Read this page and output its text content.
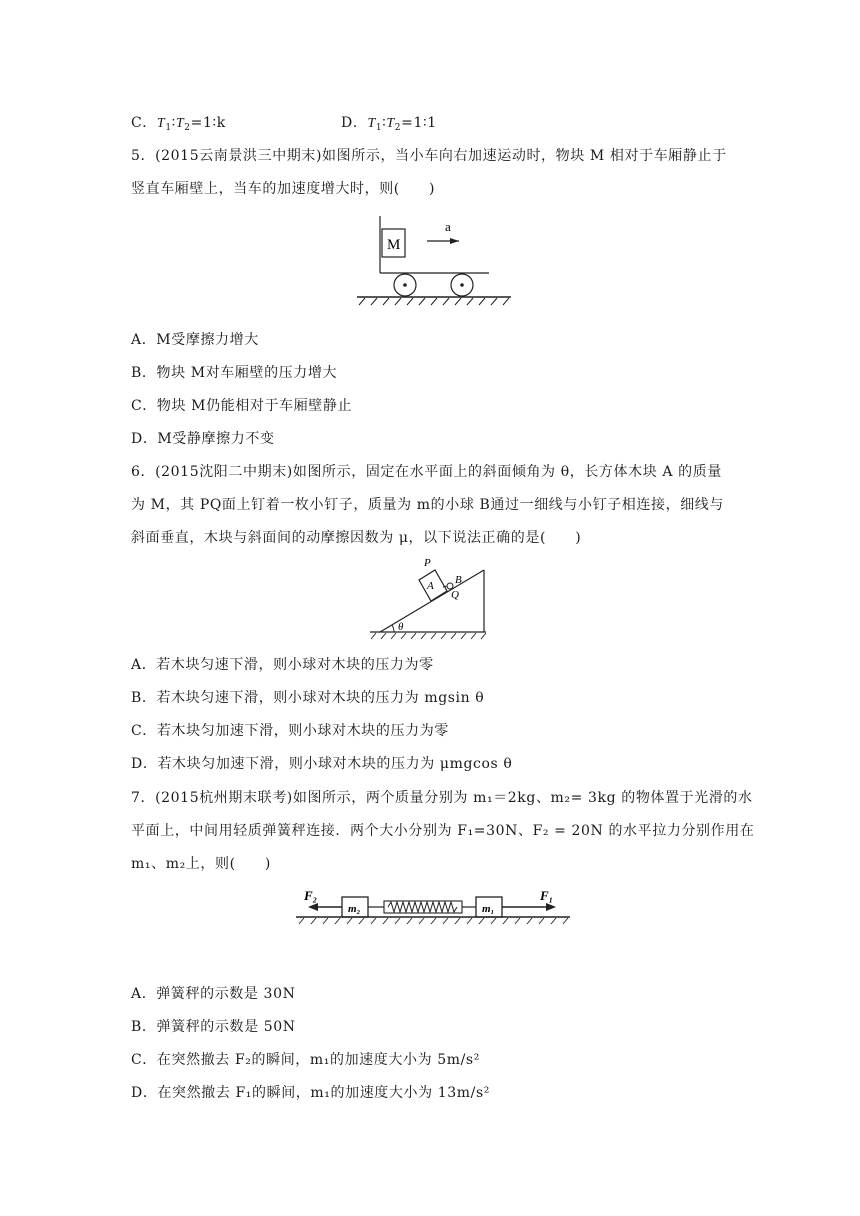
C．$T_1∶T_2=1∶k$	D．$T_1∶T_2=1∶1$
5．(2015云南景洪三中期末)如图所示，当小车向右加速运动时，物块 M 相对于车厢静止于
竖直车厢壁上，当车的加速度增大时，则(　　)
M
a
A．M受摩擦力增大
B．物块 M对车厢壁的压力增大
C．物块 M仍能相对于车厢壁静止
D．M受静摩擦力不变
6．(2015沈阳二中期末)如图所示，固定在水平面上的斜面倾角为 θ，长方体木块 A 的质量
为 M，其 PQ面上钉着一枚小钉子，质量为 m的小球 B通过一细线与小钉子相连接，细线与
斜面垂直，木块与斜面间的动摩擦因数为 μ，以下说法正确的是(　　)
θ
P
A B
Q
A．若木块匀速下滑，则小球对木块的压力为零
B．若木块匀速下滑，则小球对木块的压力为 mgsin θ
C．若木块匀加速下滑，则小球对木块的压力为零
D．若木块匀加速下滑，则小球对木块的压力为 μmgcos θ
7．(2015杭州期末联考)如图所示，两个质量分别为 m₁＝2kg、m₂= 3kg 的物体置于光滑的水
平面上，中间用轻质弹簧秤连接．两个大小分别为 F₁=30N、F₂ = 20N 的水平拉力分别作用在
m₁、m₂上，则(　　)
F₂
m₂	m₁
F₁
A．弹簧秤的示数是 30N
B．弹簧秤的示数是 50N
C．在突然撤去 F₂的瞬间，m₁的加速度大小为 5m/s²
D．在突然撤去 F₁的瞬间，m₁的加速度大小为 13m/s²
